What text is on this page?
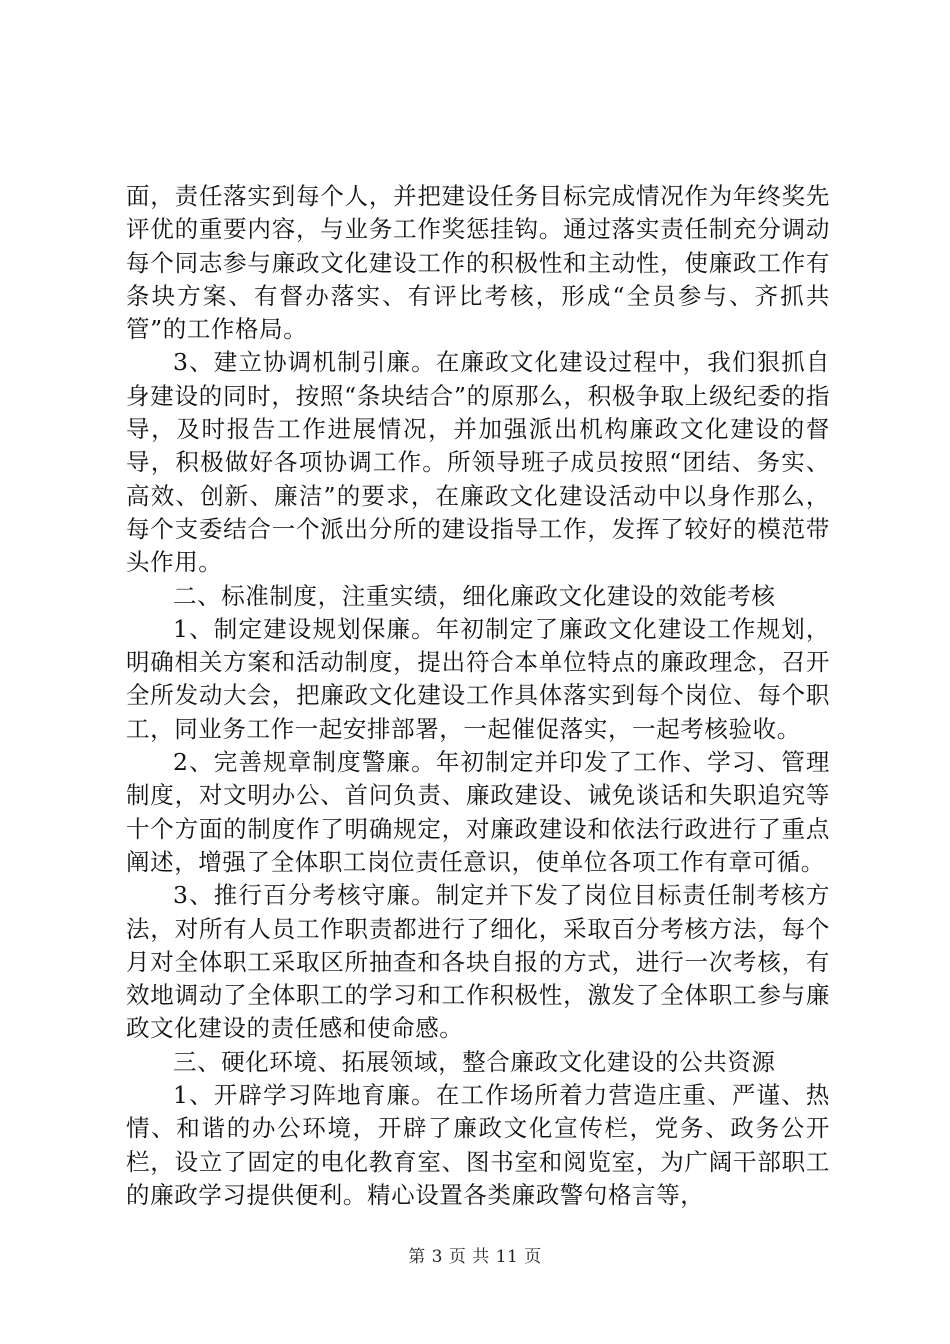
面，责任落实到每个人，并把建设任务目标完成情况作为年终奖先评优的重要内容，与业务工作奖惩挂钩。通过落实责任制充分调动每个同志参与廉政文化建设工作的积极性和主动性，使廉政工作有条块方案、有督办落实、有评比考核，形成“全员参与、齐抓共管”的工作格局。

3、建立协调机制引廉。在廉政文化建设过程中，我们狠抓自身建设的同时，按照“条块结合”的原那么，积极争取上级纪委的指导，及时报告工作进展情况，并加强派出机构廉政文化建设的督导，积极做好各项协调工作。所领导班子成员按照“团结、务实、高效、创新、廉洁”的要求，在廉政文化建设活动中以身作那么，每个支委结合一个派出分所的建设指导工作，发挥了较好的模范带头作用。

二、标准制度，注重实绩，细化廉政文化建设的效能考核

1、制定建设规划保廉。年初制定了廉政文化建设工作规划，明确相关方案和活动制度，提出符合本单位特点的廉政理念，召开全所发动大会，把廉政文化建设工作具体落实到每个岗位、每个职工，同业务工作一起安排部署，一起催促落实，一起考核验收。

2、完善规章制度警廉。年初制定并印发了工作、学习、管理制度，对文明办公、首问负责、廉政建设、诫免谈话和失职追究等十个方面的制度作了明确规定，对廉政建设和依法行政进行了重点阐述，增强了全体职工岗位责任意识，使单位各项工作有章可循。

3、推行百分考核守廉。制定并下发了岗位目标责任制考核方法，对所有人员工作职责都进行了细化，采取百分考核方法，每个月对全体职工采取区所抽查和各块自报的方式，进行一次考核，有效地调动了全体职工的学习和工作积极性，激发了全体职工参与廉政文化建设的责任感和使命感。

三、硬化环境、拓展领域，整合廉政文化建设的公共资源

1、开辟学习阵地育廉。在工作场所着力营造庄重、严谨、热情、和谐的办公环境，开辟了廉政文化宣传栏，党务、政务公开栏，设立了固定的电化教育室、图书室和阅览室，为广阔干部职工的廉政学习提供便利。精心设置各类廉政警句格言等，

第 3 页 共 11 页
